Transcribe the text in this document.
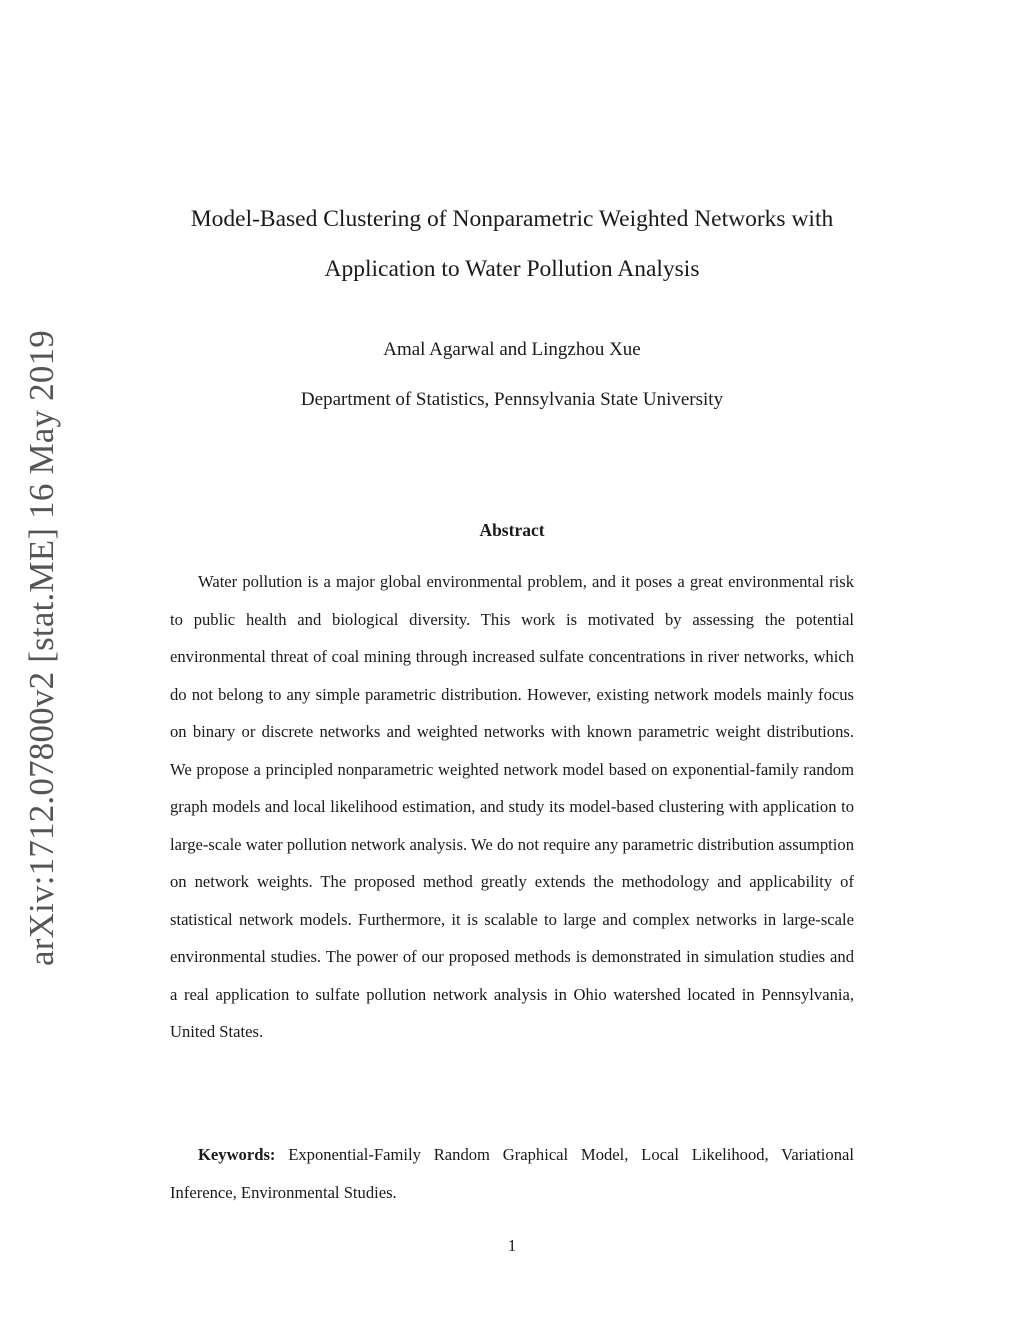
arXiv:1712.07800v2 [stat.ME] 16 May 2019
Model-Based Clustering of Nonparametric Weighted Networks with
Application to Water Pollution Analysis
Amal Agarwal and Lingzhou Xue
Department of Statistics, Pennsylvania State University
Abstract
Water pollution is a major global environmental problem, and it poses a great environmental risk to public health and biological diversity. This work is motivated by assessing the potential environmental threat of coal mining through increased sulfate concentrations in river networks, which do not belong to any simple parametric distribution. However, existing network models mainly focus on binary or discrete networks and weighted networks with known parametric weight distributions. We propose a principled nonparametric weighted network model based on exponential-family random graph models and local likelihood estimation, and study its model-based clustering with application to large-scale water pollution network analysis. We do not require any parametric distribution assumption on network weights. The proposed method greatly extends the methodology and applicability of statistical network models. Furthermore, it is scalable to large and complex networks in large-scale environmental studies. The power of our proposed methods is demonstrated in simulation studies and a real application to sulfate pollution network analysis in Ohio watershed located in Pennsylvania, United States.
Keywords: Exponential-Family Random Graphical Model, Local Likelihood, Variational Inference, Environmental Studies.
1
